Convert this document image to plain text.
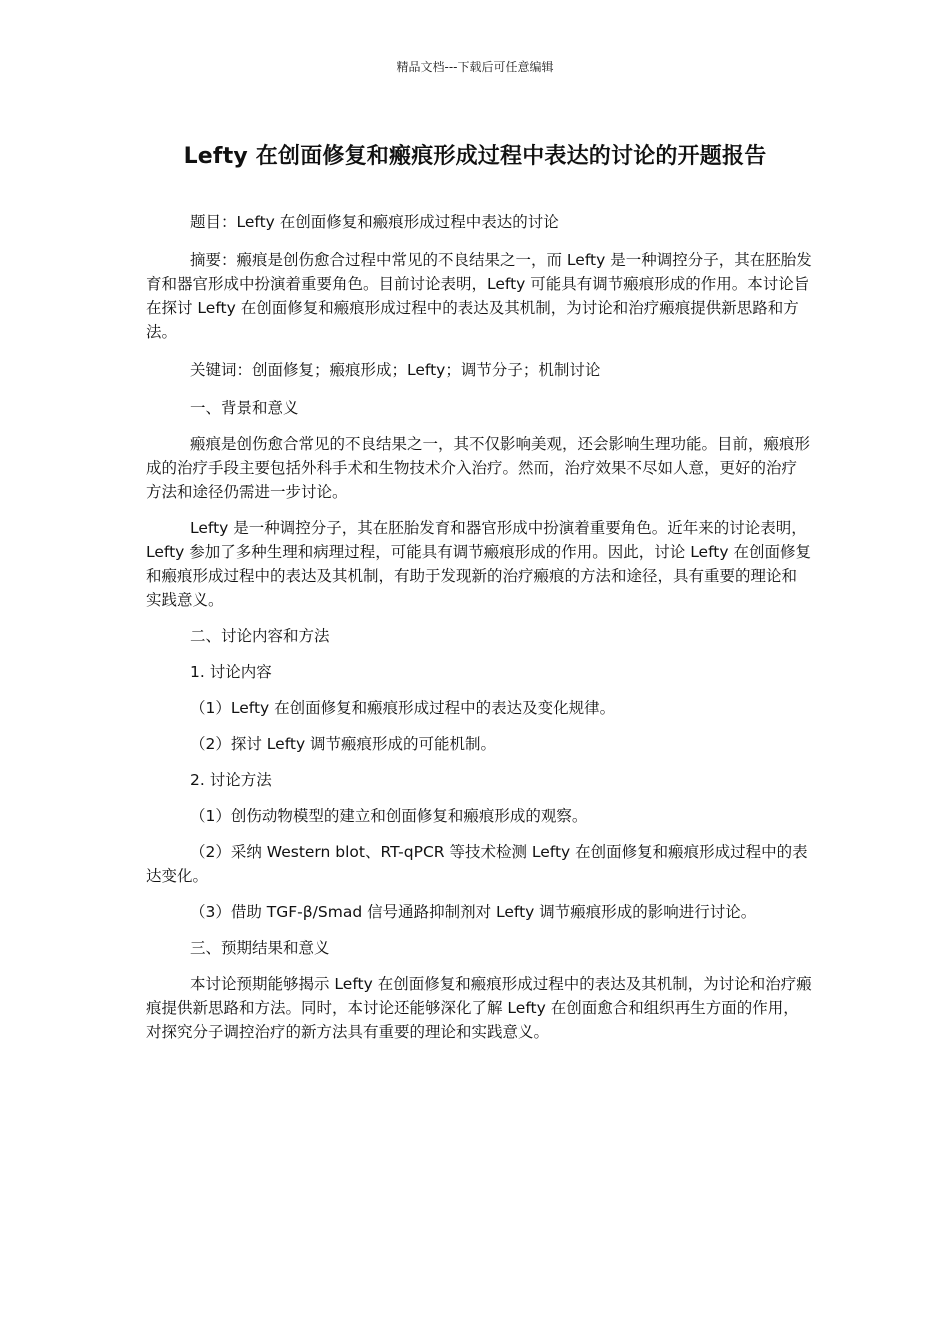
精品文档---下载后可任意编辑
Lefty 在创面修复和瘢痕形成过程中表达的讨论的开题报告

题目：Lefty 在创面修复和瘢痕形成过程中表达的讨论

摘要：瘢痕是创伤愈合过程中常见的不良结果之一，而 Lefty 是一种调控分子，其在胚胎发育和器官形成中扮演着重要角色。目前讨论表明，Lefty 可能具有调节瘢痕形成的作用。本讨论旨在探讨 Lefty 在创面修复和瘢痕形成过程中的表达及其机制，为讨论和治疗瘢痕提供新思路和方法。

关键词：创面修复；瘢痕形成；Lefty；调节分子；机制讨论

一、背景和意义

瘢痕是创伤愈合常见的不良结果之一，其不仅影响美观，还会影响生理功能。目前，瘢痕形成的治疗手段主要包括外科手术和生物技术介入治疗。然而，治疗效果不尽如人意，更好的治疗方法和途径仍需进一步讨论。

Lefty 是一种调控分子，其在胚胎发育和器官形成中扮演着重要角色。近年来的讨论表明，Lefty 参加了多种生理和病理过程，可能具有调节瘢痕形成的作用。因此，讨论 Lefty 在创面修复和瘢痕形成过程中的表达及其机制，有助于发现新的治疗瘢痕的方法和途径，具有重要的理论和实践意义。

二、讨论内容和方法

1. 讨论内容

（1）Lefty 在创面修复和瘢痕形成过程中的表达及变化规律。

（2）探讨 Lefty 调节瘢痕形成的可能机制。

2. 讨论方法

（1）创伤动物模型的建立和创面修复和瘢痕形成的观察。

（2）采纳 Western blot、RT-qPCR 等技术检测 Lefty 在创面修复和瘢痕形成过程中的表达变化。

（3）借助 TGF-β/Smad 信号通路抑制剂对 Lefty 调节瘢痕形成的影响进行讨论。

三、预期结果和意义

本讨论预期能够揭示 Lefty 在创面修复和瘢痕形成过程中的表达及其机制，为讨论和治疗瘢痕提供新思路和方法。同时，本讨论还能够深化了解 Lefty 在创面愈合和组织再生方面的作用，对探究分子调控治疗的新方法具有重要的理论和实践意义。
